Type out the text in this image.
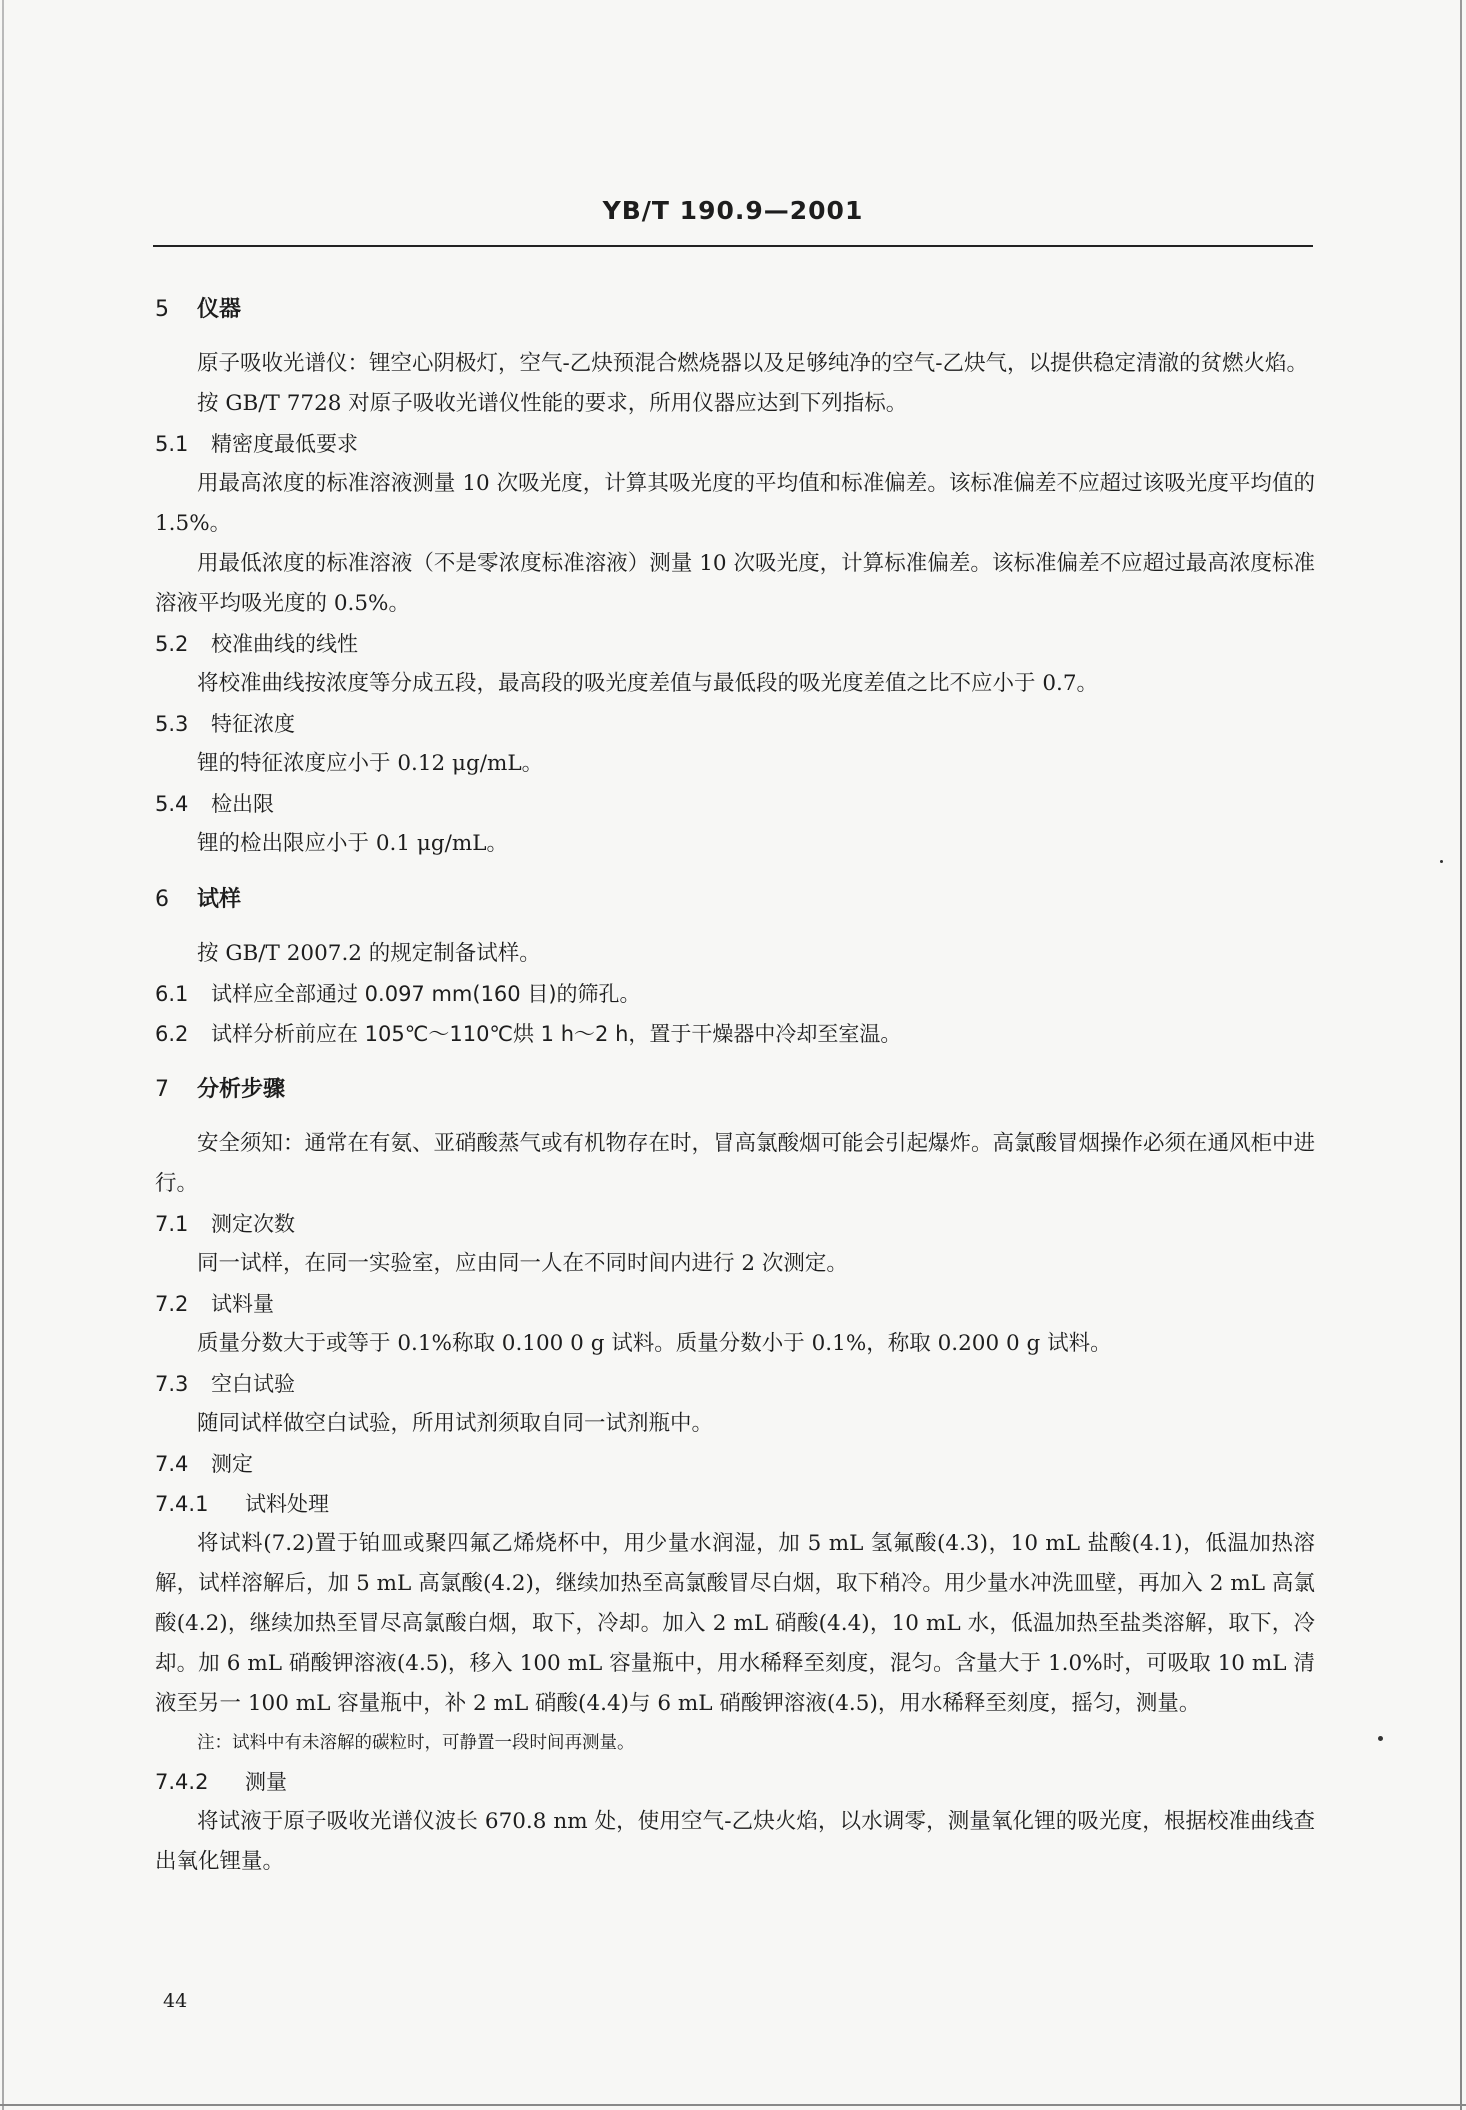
YB/T 190.9—2001
5 仪器

原子吸收光谱仪：锂空心阴极灯，空气-乙炔预混合燃烧器以及足够纯净的空气-乙炔气，以提供稳定清澈的贫燃火焰。

按 GB/T 7728 对原子吸收光谱仪性能的要求，所用仪器应达到下列指标。

5.1 精密度最低要求

用最高浓度的标准溶液测量 10 次吸光度，计算其吸光度的平均值和标准偏差。该标准偏差不应超过该吸光度平均值的 1.5%。

用最低浓度的标准溶液（不是零浓度标准溶液）测量 10 次吸光度，计算标准偏差。该标准偏差不应超过最高浓度标准溶液平均吸光度的 0.5%。

5.2 校准曲线的线性

将校准曲线按浓度等分成五段，最高段的吸光度差值与最低段的吸光度差值之比不应小于 0.7。

5.3 特征浓度

锂的特征浓度应小于 0.12 μg/mL。

5.4 检出限

锂的检出限应小于 0.1 μg/mL。

6 试样

按 GB/T 2007.2 的规定制备试样。

6.1 试样应全部通过 0.097 mm(160 目)的筛孔。
6.2 试样分析前应在 105℃～110℃烘 1 h～2 h，置于干燥器中冷却至室温。
7 分析步骤

安全须知：通常在有氨、亚硝酸蒸气或有机物存在时，冒高氯酸烟可能会引起爆炸。高氯酸冒烟操作必须在通风柜中进行。

7.1 测定次数

同一试样，在同一实验室，应由同一人在不同时间内进行 2 次测定。

7.2 试料量

质量分数大于或等于 0.1%称取 0.100 0 g 试料。质量分数小于 0.1%，称取 0.200 0 g 试料。

7.3 空白试验

随同试样做空白试验，所用试剂须取自同一试剂瓶中。

7.4 测定
7.4.1 试料处理

将试料(7.2)置于铂皿或聚四氟乙烯烧杯中，用少量水润湿，加 5 mL 氢氟酸(4.3)，10 mL 盐酸(4.1)，低温加热溶解，试样溶解后，加 5 mL 高氯酸(4.2)，继续加热至高氯酸冒尽白烟，取下稍冷。用少量水冲洗皿壁，再加入 2 mL 高氯酸(4.2)，继续加热至冒尽高氯酸白烟，取下，冷却。加入 2 mL 硝酸(4.4)，10 mL 水，低温加热至盐类溶解，取下，冷却。加 6 mL 硝酸钾溶液(4.5)，移入 100 mL 容量瓶中，用水稀释至刻度，混匀。含量大于 1.0%时，可吸取 10 mL 清液至另一 100 mL 容量瓶中，补 2 mL 硝酸(4.4)与 6 mL 硝酸钾溶液(4.5)，用水稀释至刻度，摇匀，测量。

注：试料中有未溶解的碳粒时，可静置一段时间再测量。

7.4.2 测量

将试液于原子吸收光谱仪波长 670.8 nm 处，使用空气-乙炔火焰，以水调零，测量氧化锂的吸光度，根据校准曲线查出氧化锂量。

44
